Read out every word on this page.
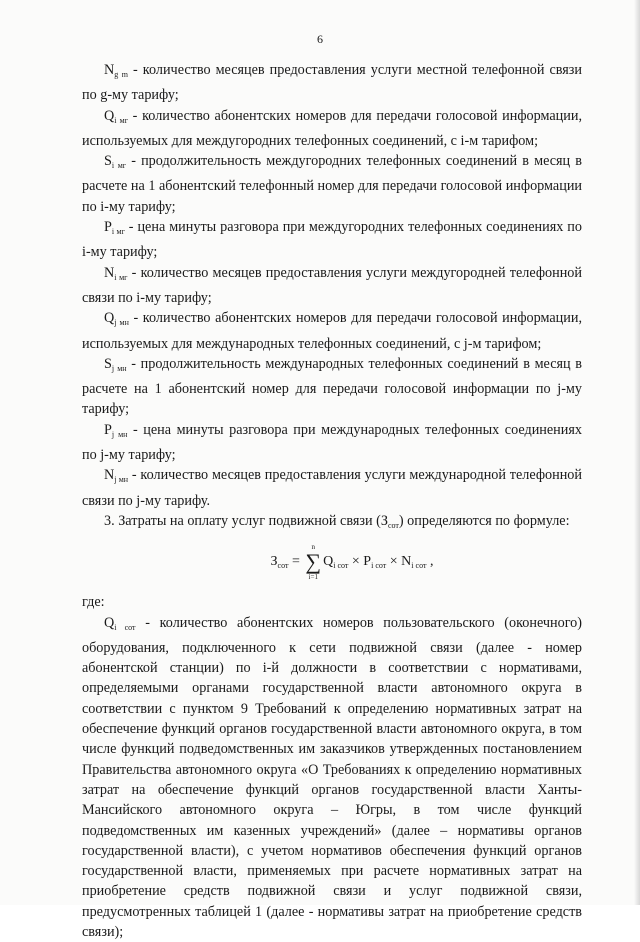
6

$N_{g m}$ - количество месяцев предоставления услуги местной телефонной связи по g-му тарифу;

$Q_{i мг}$ - количество абонентских номеров для передачи голосовой информации, используемых для междугородних телефонных соединений, с i-м тарифом;

$S_{i мг}$ - продолжительность междугородних телефонных соединений в месяц в расчете на 1 абонентский телефонный номер для передачи голосовой информации по i-му тарифу;

$P_{i мг}$ - цена минуты разговора при междугородних телефонных соединениях по i-му тарифу;

$N_{i мг}$ - количество месяцев предоставления услуги междугородней телефонной связи по i-му тарифу;

$Q_{j мн}$ - количество абонентских номеров для передачи голосовой информации, используемых для международных телефонных соединений, с j-м тарифом;

$S_{j мн}$ - продолжительность международных телефонных соединений в месяц в расчете на 1 абонентский номер для передачи голосовой информации по j-му тарифу;

$P_{j мн}$ - цена минуты разговора при международных телефонных соединениях по j-му тарифу;

$N_{j мн}$ - количество месяцев предоставления услуги международной телефонной связи по j-му тарифу.

3. Затраты на оплату услуг подвижной связи $(З_{сот})$ определяются по формуле:

$З_{сот}$ =
n
∑
i=1
$Q_{i сот} \times P_{i сот} \times N_{i сот}$ ,

где:

$Q_{i сот}$ - количество абонентских номеров пользовательского (оконечного) оборудования, подключенного к сети подвижной связи (далее - номер абонентской станции) по i-й должности в соответствии с нормативами, определяемыми органами государственной власти автономного округа в соответствии с пунктом 9 Требований к определению нормативных затрат на обеспечение функций органов государственной власти автономного округа, в том числе функций подведомственных им заказчиков утвержденных постановлением Правительства автономного округа «О Требованиях к определению нормативных затрат на обеспечение функций органов государственной власти Ханты-Мансийского автономного округа – Югры, в том числе функций подведомственных им казенных учреждений» (далее – нормативы органов государственной власти), с учетом нормативов обеспечения функций органов государственной власти, применяемых при расчете нормативных затрат на приобретение средств подвижной связи и услуг подвижной связи, предусмотренных таблицей 1 (далее - нормативы затрат на приобретение средств связи);
